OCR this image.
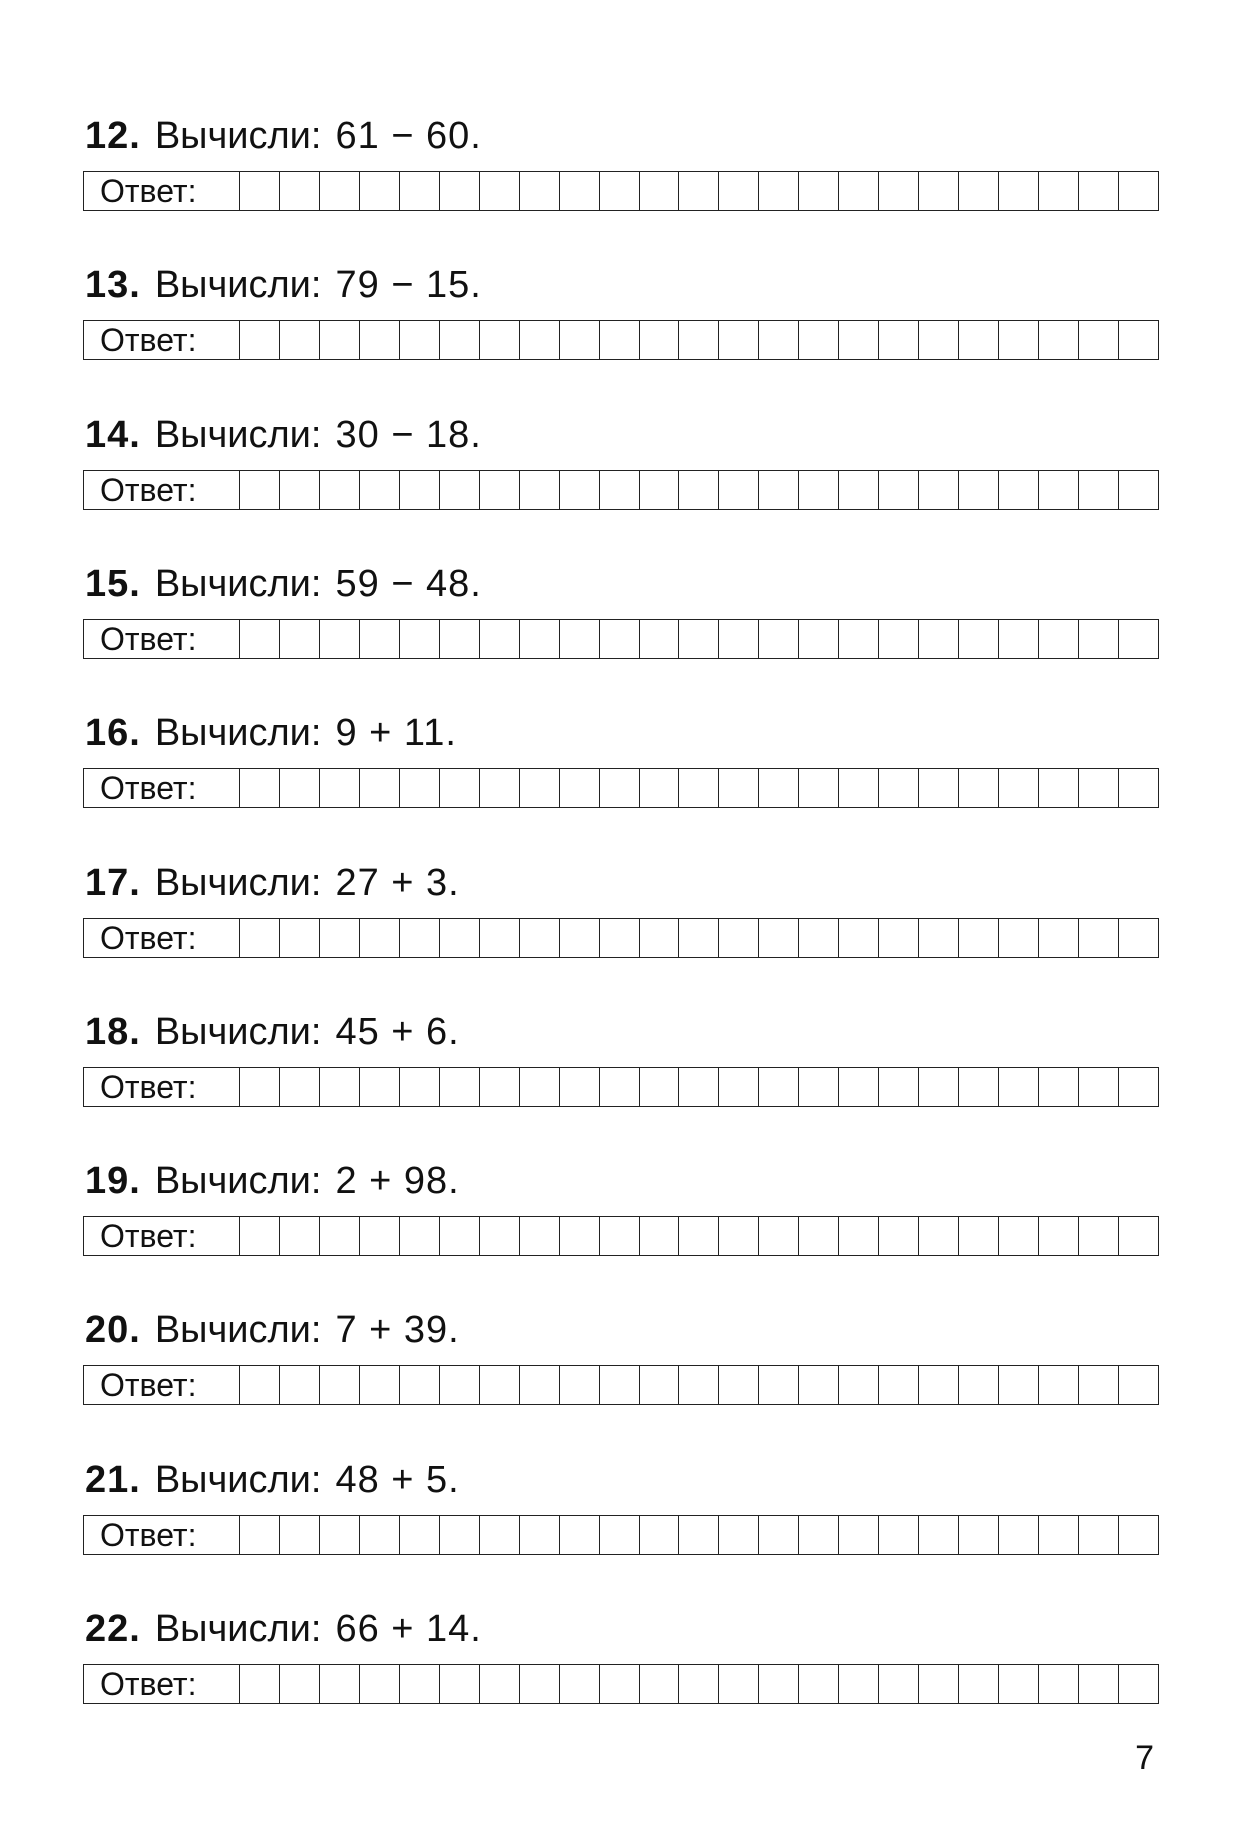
12. Вычисли: 61 − 60.
Ответ:
13. Вычисли: 79 − 15.
Ответ:
14. Вычисли: 30 − 18.
Ответ:
15. Вычисли: 59 − 48.
Ответ:
16. Вычисли: 9 + 11.
Ответ:
17. Вычисли: 27 + 3.
Ответ:
18. Вычисли: 45 + 6.
Ответ:
19. Вычисли: 2 + 98.
Ответ:
20. Вычисли: 7 + 39.
Ответ:
21. Вычисли: 48 + 5.
Ответ:
22. Вычисли: 66 + 14.
Ответ:
7
